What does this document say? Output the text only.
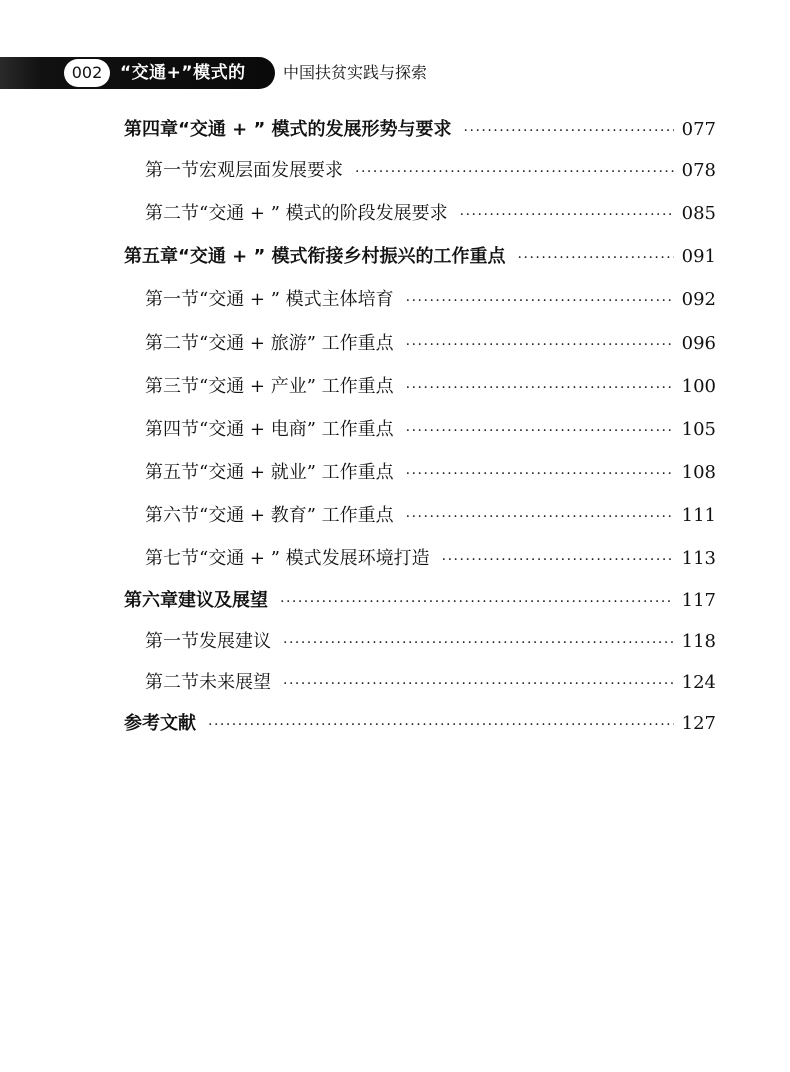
002	“交通+”模式的 中国扶贫实践与探索
第四章 “交通 + ” 模式的发展形势与要求 ·····	077
第一节 宏观层面发展要求 ·····	078
第二节 “交通 + ” 模式的阶段发展要求 ·····	085
第五章 “交通 + ” 模式衔接乡村振兴的工作重点 ·····	091
第一节 “交通 + ” 模式主体培育 ·····	092
第二节 “交通 + 旅游” 工作重点 ·····	096
第三节 “交通 + 产业” 工作重点 ·····	100
第四节 “交通 + 电商” 工作重点 ·····	105
第五节 “交通 + 就业” 工作重点 ·····	108
第六节 “交通 + 教育” 工作重点 ·····	111
第七节 “交通 + ” 模式发展环境打造 ·····	113
第六章 建议及展望 ·····	117
第一节 发展建议 ·····	118
第二节 未来展望 ·····	124
参考文献 ·····	127
